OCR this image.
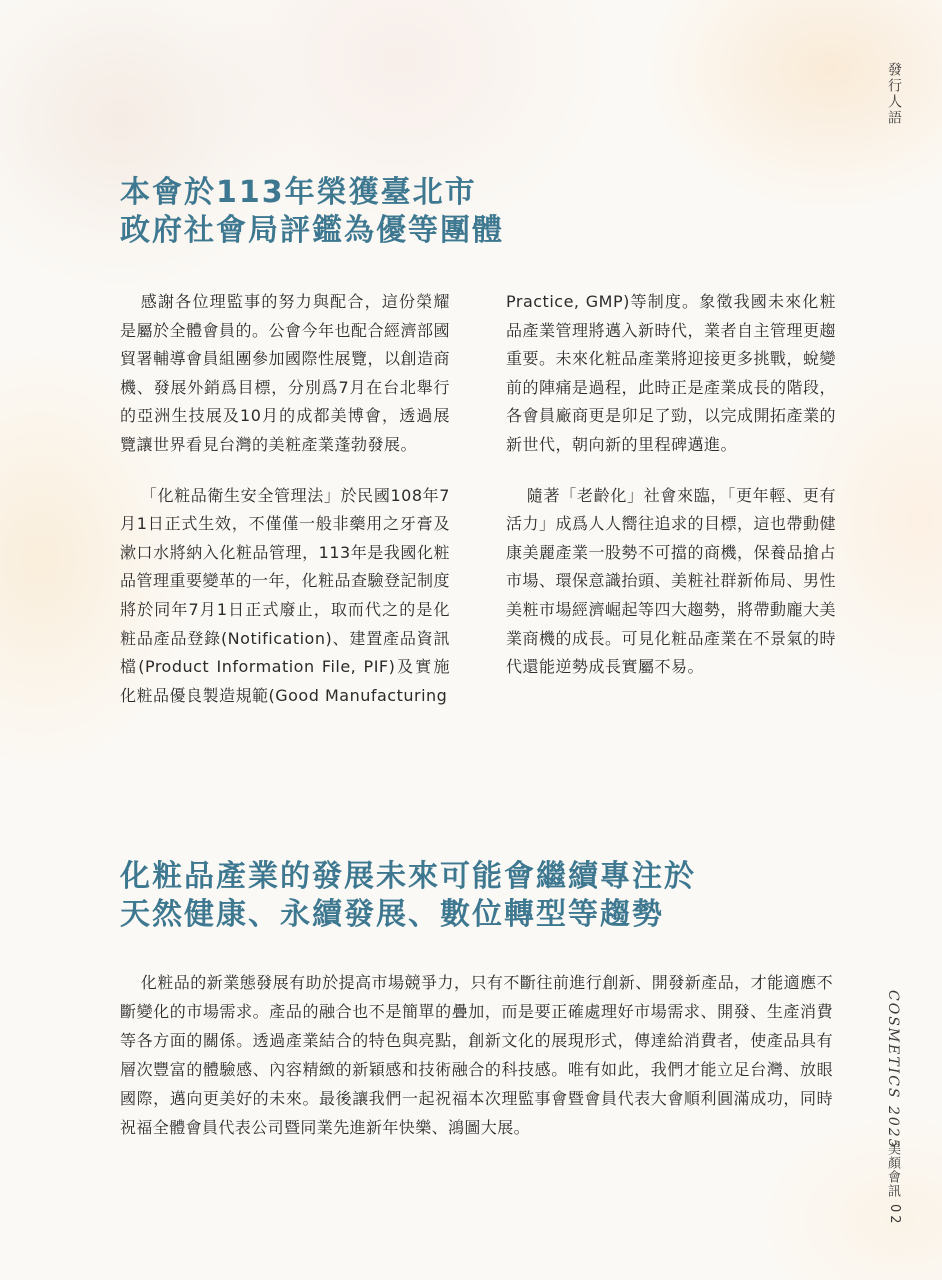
發行人語
本會於113年榮獲臺北市
政府社會局評鑑為優等團體

感謝各位理監事的努力與配合，這份榮耀是屬於全體會員的。公會今年也配合經濟部國貿署輔導會員組團參加國際性展覽，以創造商機、發展外銷爲目標，分別爲7月在台北舉行的亞洲生技展及10月的成都美博會，透過展覽讓世界看見台灣的美粧產業蓬勃發展。

「化粧品衛生安全管理法」於民國108年7月1日正式生效，不僅僅一般非藥用之牙膏及漱口水將納入化粧品管理，113年是我國化粧品管理重要變革的一年，化粧品查驗登記制度將於同年7月1日正式廢止，取而代之的是化粧品產品登錄(Notification)、建置產品資訊檔(Product Information File, PIF)及實施化粧品優良製造規範(Good Manufacturing

Practice, GMP)等制度。象徵我國未來化粧品產業管理將邁入新時代，業者自主管理更趨重要。未來化粧品產業將迎接更多挑戰，蛻變前的陣痛是過程，此時正是產業成長的階段，各會員廠商更是卯足了勁，以完成開拓產業的新世代，朝向新的里程碑邁進。

隨著「老齡化」社會來臨，「更年輕、更有活力」成爲人人嚮往追求的目標，這也帶動健康美麗產業一股勢不可擋的商機，保養品搶占市場、環保意識抬頭、美粧社群新佈局、男性美粧市場經濟崛起等四大趨勢，將帶動龐大美業商機的成長。可見化粧品產業在不景氣的時代還能逆勢成長實屬不易。

化粧品產業的發展未來可能會繼續專注於
天然健康、永續發展、數位轉型等趨勢

化粧品的新業態發展有助於提高市場競爭力，只有不斷往前進行創新、開發新產品，才能適應不斷變化的市場需求。產品的融合也不是簡單的疊加，而是要正確處理好市場需求、開發、生產消費等各方面的關係。透過產業結合的特色與亮點，創新文化的展現形式，傳達給消費者，使產品具有層次豐富的體驗感、內容精緻的新穎感和技術融合的科技感。唯有如此，我們才能立足台灣、放眼國際，邁向更美好的未來。最後讓我們一起祝福本次理監事會暨會員代表大會順利圓滿成功，同時祝福全體會員代表公司暨同業先進新年快樂、鴻圖大展。	COSMETICS 2025
美顏會訊
02
